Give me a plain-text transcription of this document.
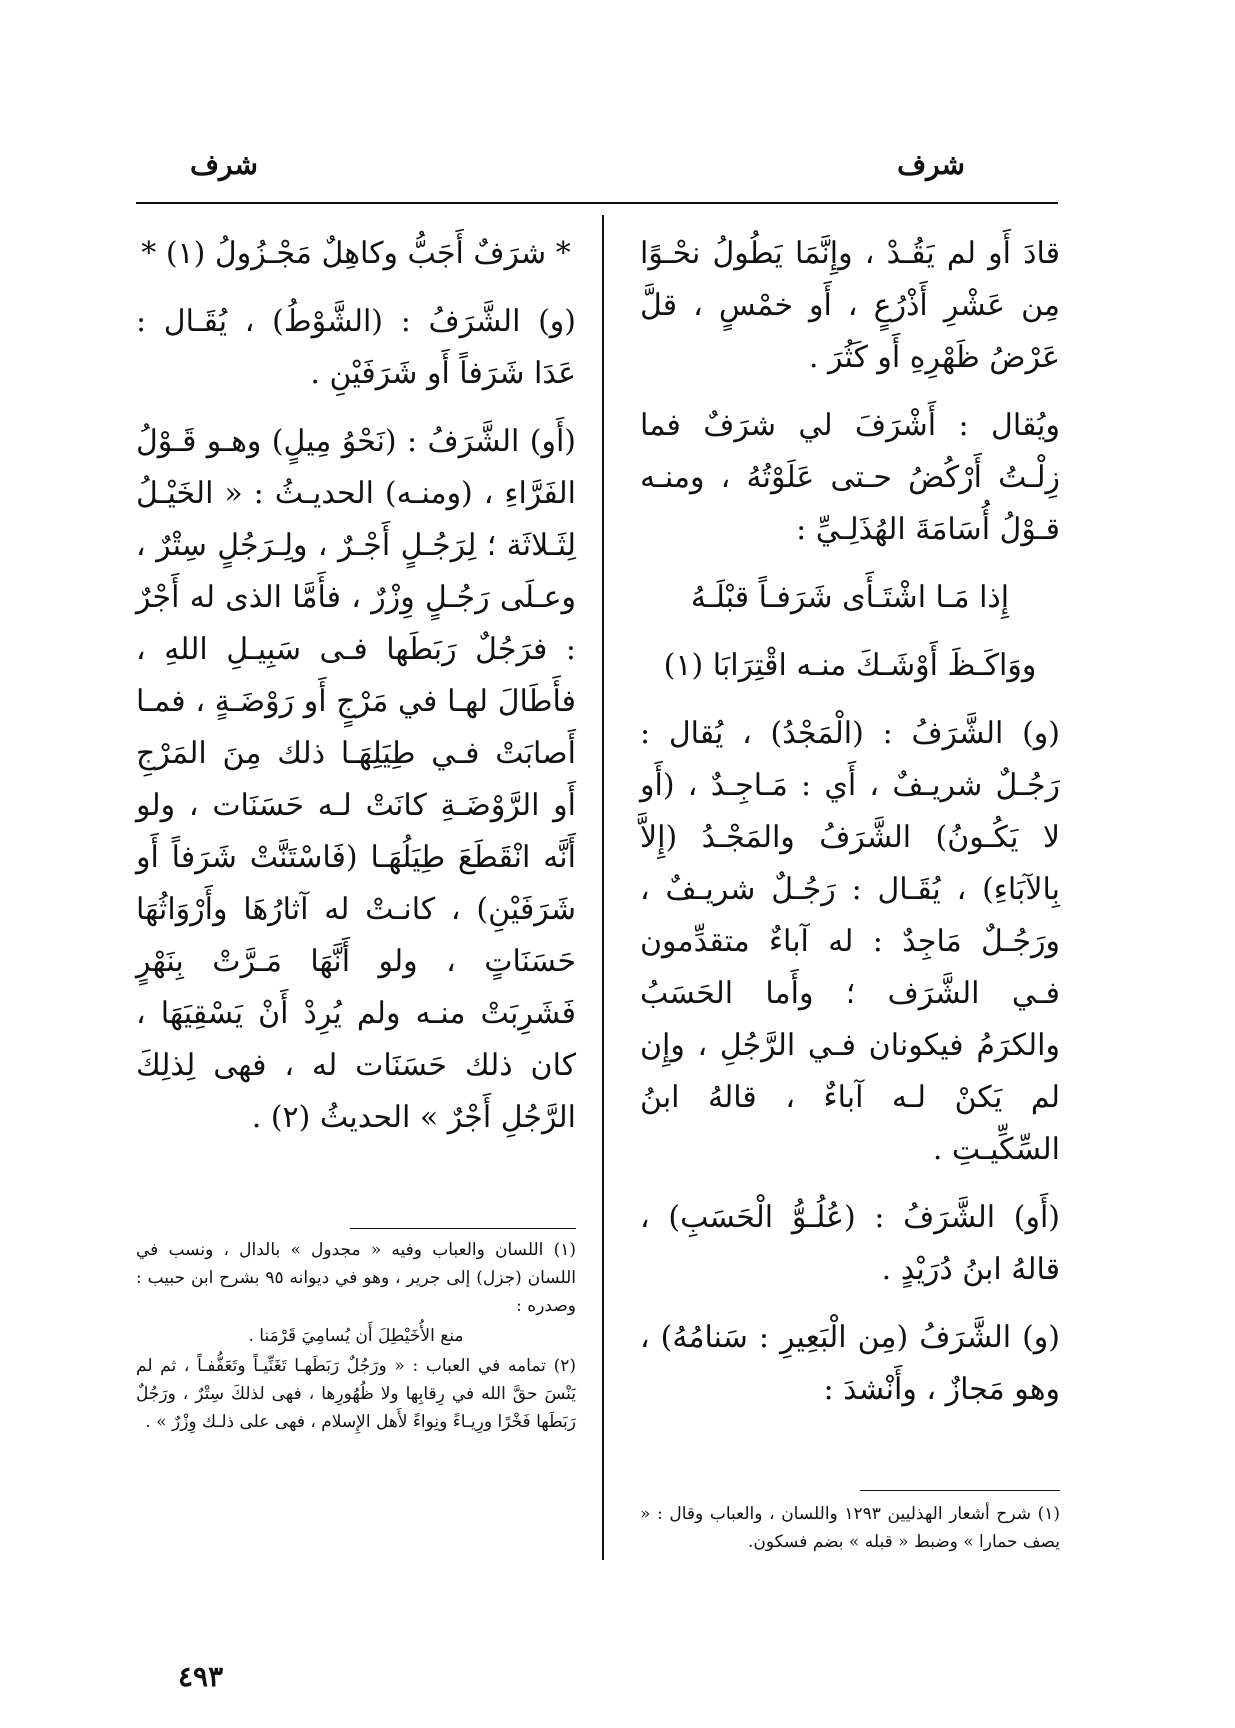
شرف
شرف

قادَ أَو لم يَقُـدْ ، وإِنَّمَا يَطُولُ نحْـوًا مِن عَشْرِ أَذْرُعٍ ، أَو خمْسٍ ، قلَّ عَرْضُ ظَهْرِهِ أَو كَثُرَ .

ويُقال : أَشْرَفَ لي شرَفٌ فما زِلْـتُ أَرْكُضُ حـتى عَلَوْتُهُ ، ومنـه قـوْلُ أُسَامَةَ الهُذَلِـيِّ :

إِذا مَـا اشْتَـأَى شَرَفـاً قبْلَـهُ

ووَاكَـظَ أَوْشَـكَ منـه اقْتِرَابَا (١)

(و) الشَّرَفُ : (الْمَجْدُ) ، يُقال : رَجُـلٌ شريـفٌ ، أَي : مَـاجِـدٌ ، (أَو لا يَكُـونُ) الشَّرَفُ والمَجْـدُ (إِلاَّ بِالآبَاءِ) ، يُقَـال : رَجُـلٌ شريـفٌ ، ورَجُـلٌ مَاجِدٌ : له آباءٌ متقدِّمون فـي الشَّرَف ؛ وأَما الحَسَبُ والكرَمُ فيكونان فـي الرَّجُلِ ، وإِن لم يَكنْ لـه آباءٌ ، قالهُ ابنُ السِّكِّيـتِ .

(أَو) الشَّرَفُ : (عُلُـوُّ الْحَسَبِ) ، قالهُ ابنُ دُرَيْدٍ .

(و) الشَّرَفُ (مِن الْبَعِيرِ : سَنامُهُ) ، وهو مَجازٌ ، وأَنْشدَ :

* شرَفٌ أَجَبُّ وكاهِلٌ مَجْـزُولُ (١) *

(و) الشَّرَفُ : (الشَّوْطُ) ، يُقَـال : عَدَا شَرَفاً أَو شَرَفَيْنِ .

(أَو) الشَّرَفُ : (نَحْوُ مِيلٍ) وهـو قَـوْلُ الفَرَّاءِ ، (ومنـه) الحديـثُ : « الخَيْـلُ لِثَـلاثَة ؛ لِرَجُـلٍ أَجْـرٌ ، ولِـرَجُلٍ سِتْرٌ ، وعـلَى رَجُـلٍ وِزْرٌ ، فأَمَّا الذى له أَجْرٌ : فرَجُلٌ رَبَطَها فـى سَبِيـلِ اللهِ ، فأَطَالَ لهـا في مَرْجٍ أَو رَوْضَـةٍ ، فمـا أَصابَتْ فـي طِيَلِهَـا ذلك مِنَ المَرْجِ أَو الرَّوْضَـةِ كانَتْ لـه حَسَنَات ، ولو أَنَّه انْقَطَعَ طِيَلُهَـا (فَاسْتَنَّتْ شَرَفاً أَو شَرَفَيْنِ) ، كانـتْ له آثارُهَا وأَرْوَاثُهَا حَسَنَاتٍ ، ولو أَنَّهَا مَـرَّتْ بِنَهْرٍ فَشَرِبَتْ منـه ولم يُرِدْ أَنْ يَسْقِيَهَا ، كان ذلك حَسَنَات له ، فهى لِذلِكَ الرَّجُلِ أَجْرٌ » الحديثُ (٢) .

(١) شرح أشعار الهذليين ١٢٩٣ واللسان ، والعباب وقال : « يصف حمارا » وضبط « قبله » بضم فسكون.

(١) اللسان والعباب وفيه « مجدول » بالدال ، ونسب في اللسان (جزل) إلى جرير ، وهو في ديوانه ٩٥ بشرح ابن حبيب : وصدره :

منع الأُخَيْطِلَ أَن يُسامِيَ قَرْمَنا .

(٢) تمامه في العباب : « ورَجُلٌ رَبَطَهـا تَغَنِّيـاً وتَعَفُّفـاً ، ثم لم يَنْسَ حقَّ الله في رِقابِها ولا ظُهُورِها ، فهى لذلكَ سِتْرٌ ، ورَجُلٌ رَبَطَها فَخْرًا ورِيـاءً ونِواءً لأَهل الإِسلام ، فهى على ذلـك وِزْرٌ » .

٤٩٣
